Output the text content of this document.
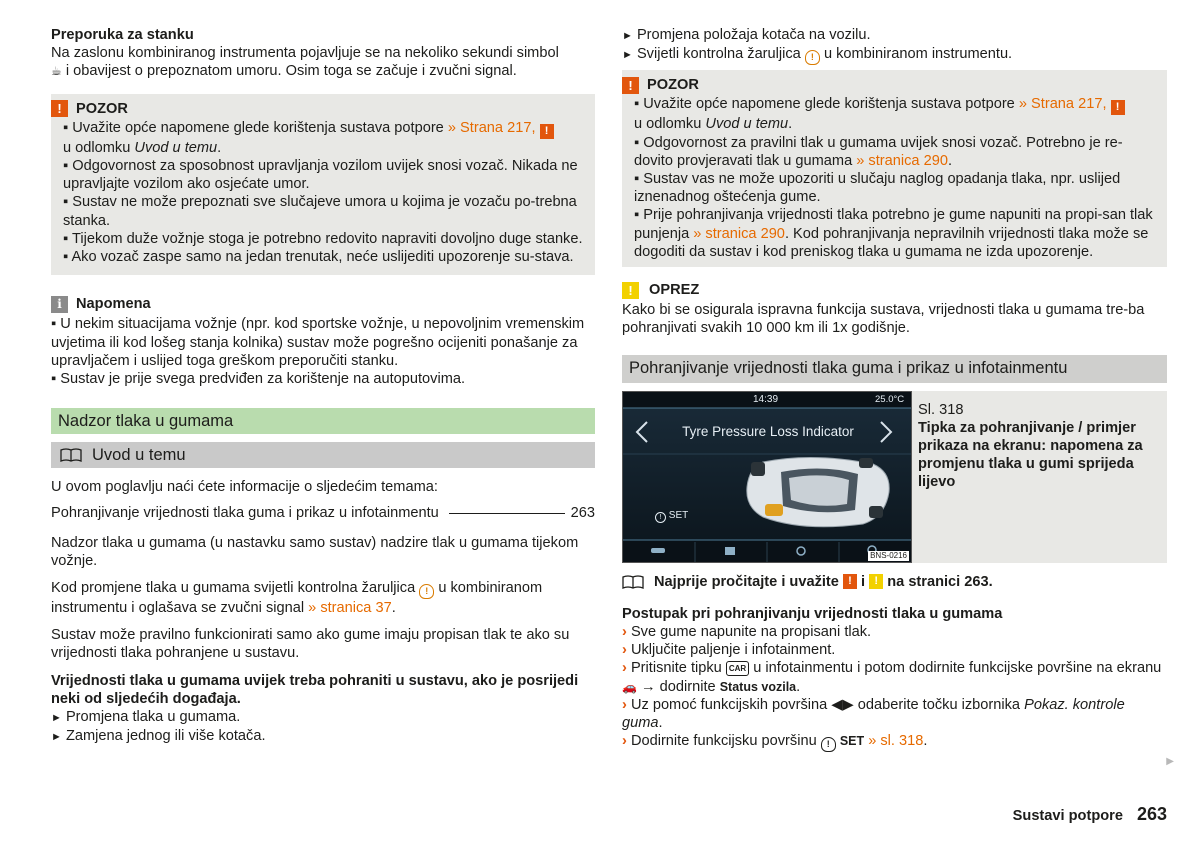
Preporuka za stanku

Na zaslonu kombiniranog instrumenta pojavljuje se na nekoliko sekundi simbol
☕ i obavijest o prepoznatom umoru. Osim toga se začuje i zvučni signal.

! POZOR

▪ Uvažite opće napomene glede korištenja sustava potpore » Strana 217, !
u odlomku Uvod u temu.

▪ Odgovornost za sposobnost upravljanja vozilom uvijek snosi vozač. Nikada ne upravljajte vozilom ako osjećate umor.

▪ Sustav ne može prepoznati sve slučajeve umora u kojima je vozaču po-trebna stanka.

▪ Tijekom duže vožnje stoga je potrebno redovito napraviti dovoljno duge stanke.

▪ Ako vozač zaspe samo na jedan trenutak, neće uslijediti upozorenje su-stava.

i Napomena

▪ U nekim situacijama vožnje (npr. kod sportske vožnje, u nepovoljnim vremenskim uvjetima ili kod lošeg stanja kolnika) sustav može pogrešno ocijeniti ponašanje za upravljačem i uslijed toga greškom preporučiti stanku.

▪ Sustav je prije svega predviđen za korištenje na autoputovima.

Nadzor tlaka u gumama
Uvod u temu

U ovom poglavlju naći ćete informacije o sljedećim temama:

Pohranjivanje vrijednosti tlaka guma i prikaz u infotainmentu	263

Nadzor tlaka u gumama (u nastavku samo sustav) nadzire tlak u gumama tijekom vožnje.

Kod promjene tlaka u gumama svijetli kontrolna žaruljica ! u kombiniranom instrumentu i oglašava se zvučni signal » stranica 37.

Sustav može pravilno funkcionirati samo ako gume imaju propisan tlak te ako su vrijednosti tlaka pohranjene u sustavu.

Vrijednosti tlaka u gumama uvijek treba pohraniti u sustavu, ako je posrijedi neki od sljedećih događaja.

► Promjena tlaka u gumama.

► Zamjena jednog ili više kotača.

► Promjena položaja kotača na vozilu.

► Svijetli kontrolna žaruljica ! u kombiniranom instrumentu.

! POZOR

▪ Uvažite opće napomene glede korištenja sustava potpore » Strana 217, !
u odlomku Uvod u temu.

▪ Odgovornost za pravilni tlak u gumama uvijek snosi vozač. Potrebno je re-dovito provjeravati tlak u gumama » stranica 290.

▪ Sustav vas ne može upozoriti u slučaju naglog opadanja tlaka, npr. uslijed iznenadnog oštećenja gume.

▪ Prije pohranjivanja vrijednosti tlaka potrebno je gume napuniti na propi-san tlak punjenja » stranica 290. Kod pohranjivanja nepravilnih vrijednosti tlaka može se dogoditi da sustav i kod preniskog tlaka u gumama ne izda upozorenje.

!	OPREZ

Kako bi se osigurala ispravna funkcija sustava, vrijednosti tlaka u gumama tre-ba pohranjivati svakih 10 000 km ili 1x godišnje.

Pohranjivanje vrijednosti tlaka guma i prikaz u infotainmentu
14:39	25.0°C
Tyre Pressure Loss Indicator
! SET
BNS-0216

Sl. 318

Tipka za pohranjivanje / primjer prikaza na ekranu: napomena za promjenu tlaka u gumi sprijeda lijevo

Najprije pročitajte i uvažite
!
i
!
na stranici 263.

Postupak pri pohranjivanju vrijednosti tlaka u gumama

› Sve gume napunite na propisani tlak.

› Uključite paljenje i infotainment.

› Pritisnite tipku CAR u infotainmentu i potom dodirnite funkcijske površine na ekranu 🚗 → dodirnite Status vozila.

› Uz pomoć funkcijskih površina ◀▶ odaberite točku izbornika Pokaz. kontrole guma.

› Dodirnite funkcijsku površinu ! SET » sl. 318.

▶
Sustavi potpore 263
